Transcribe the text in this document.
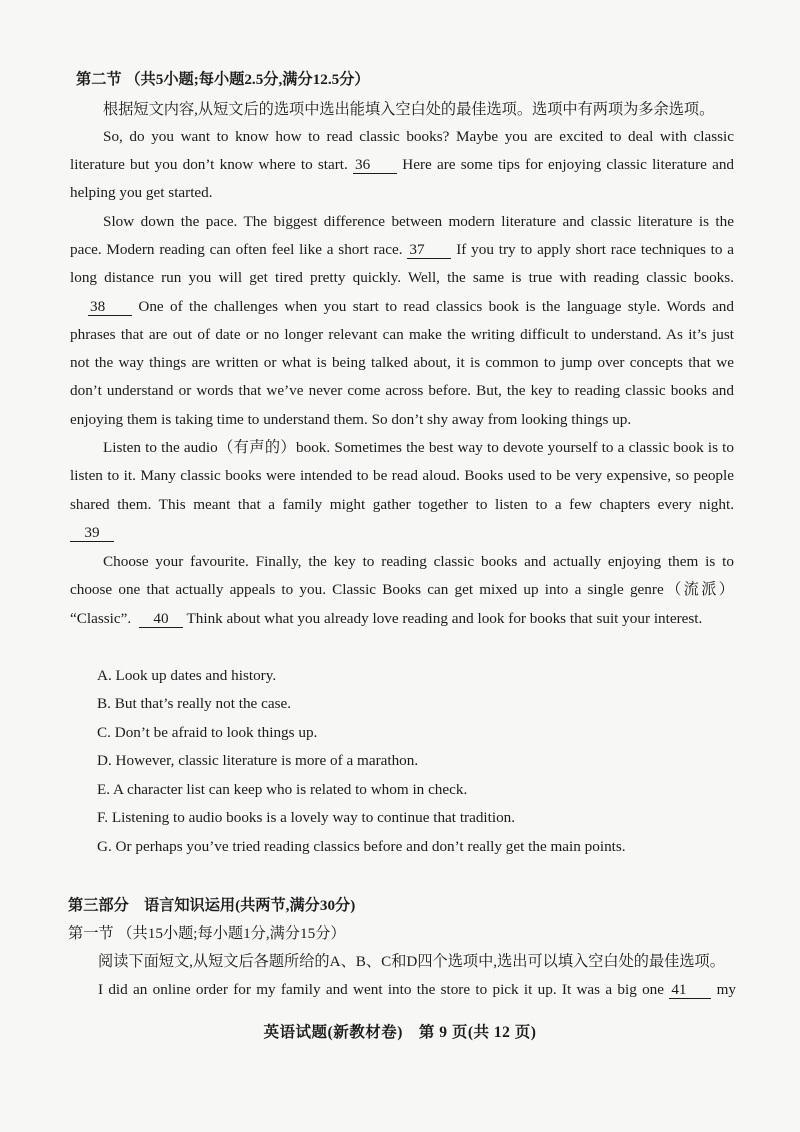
第二节 （共5小题;每小题2.5分,满分12.5分）
根据短文内容,从短文后的选项中选出能填入空白处的最佳选项。选项中有两项为多余选项。
So, do you want to know how to read classic books? Maybe you are excited to deal with classic
literature but you don’t know where to start. 36 Here are some tips for enjoying classic literature and
helping you get started.
Slow down the pace. The biggest difference between modern literature and classic literature is the
pace. Modern reading can often feel like a short race. 37 If you try to apply short race techniques to a
long distance run you will get tired pretty quickly. Well, the same is true with reading classic books.
38 One of the challenges when you start to read classics book is the language style. Words and
phrases that are out of date or no longer relevant can make the writing difficult to understand. As it’s just
not the way things are written or what is being talked about, it is common to jump over concepts that we
don’t understand or words that we’ve never come across before. But, the key to reading classic books and
enjoying them is taking time to understand them. So don’t shy away from looking things up.
Listen to the audio（有声的）book. Sometimes the best way to devote yourself to a classic book is to
listen to it. Many classic books were intended to be read aloud. Books used to be very expensive, so people
shared them. This meant that a family might gather together to listen to a few chapters every night.
39
Choose your favourite. Finally, the key to reading classic books and actually enjoying them is to
choose one that actually appeals to you. Classic Books can get mixed up into a single genre（流派）
“Classic”. 40 Think about what you already love reading and look for books that suit your interest.
A. Look up dates and history.
B. But that’s really not the case.
C. Don’t be afraid to look things up.
D. However, classic literature is more of a marathon.
E. A character list can keep who is related to whom in check.
F. Listening to audio books is a lovely way to continue that tradition.
G. Or perhaps you’ve tried reading classics before and don’t really get the main points.
第三部分　语言知识运用(共两节,满分30分)
第一节 （共15小题;每小题1分,满分15分）
阅读下面短文,从短文后各题所给的A、B、C和D四个选项中,选出可以填入空白处的最佳选项。
I did an online order for my family and went into the store to pick it up. It was a big one 41 my
英语试题(新教材卷)　第 9 页(共 12 页)
